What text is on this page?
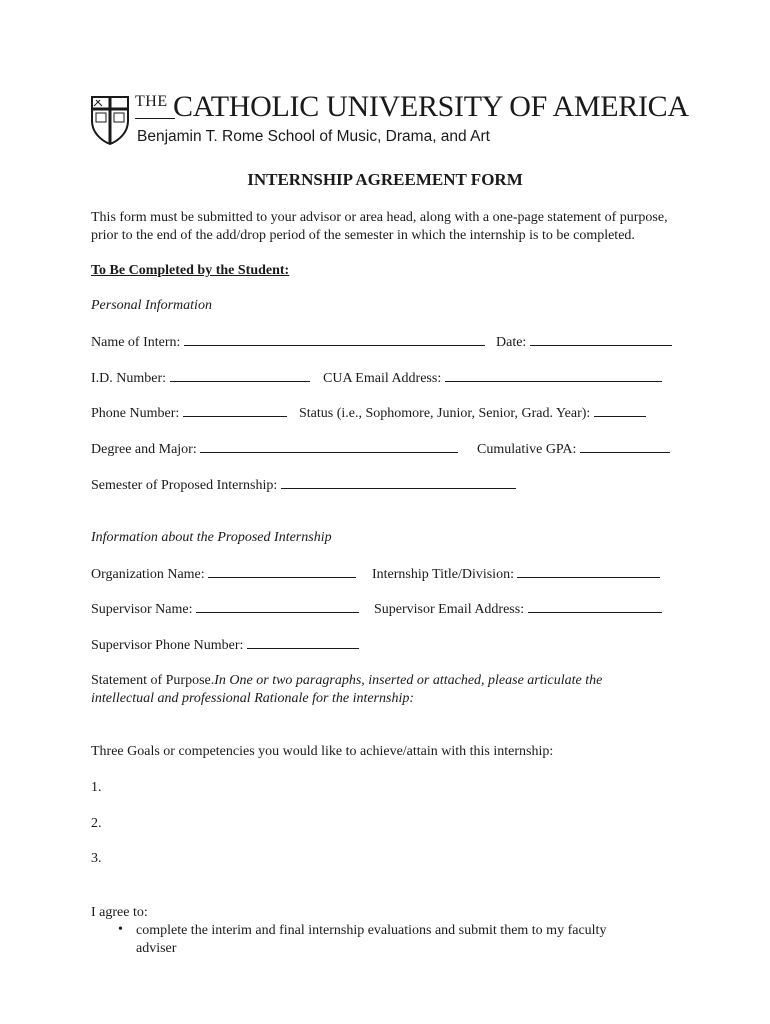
THE CATHOLIC UNIVERSITY OF AMERICA
Benjamin T. Rome School of Music, Drama, and Art
INTERNSHIP AGREEMENT FORM
This form must be submitted to your advisor or area head, along with a one-page statement of purpose,
prior to the end of the add/drop period of the semester in which the internship is to be completed.
To Be Completed by the Student:
Personal Information
Name of Intern:	Date:
I.D. Number:	CUA Email Address:
Phone Number:	Status (i.e., Sophomore, Junior, Senior, Grad. Year):
Degree and Major:	Cumulative GPA:
Semester of Proposed Internship:
Information about the Proposed Internship
Organization Name:	Internship Title/Division:
Supervisor Name:	Supervisor Email Address:
Supervisor Phone Number:
Statement of Purpose.In One or two paragraphs, inserted or attached, please articulate the
intellectual and professional Rationale for the internship:
Three Goals or competencies you would like to achieve/attain with this internship:
1.
2.
3.
I agree to:
• complete the interim and final internship evaluations and submit them to my faculty
adviser
